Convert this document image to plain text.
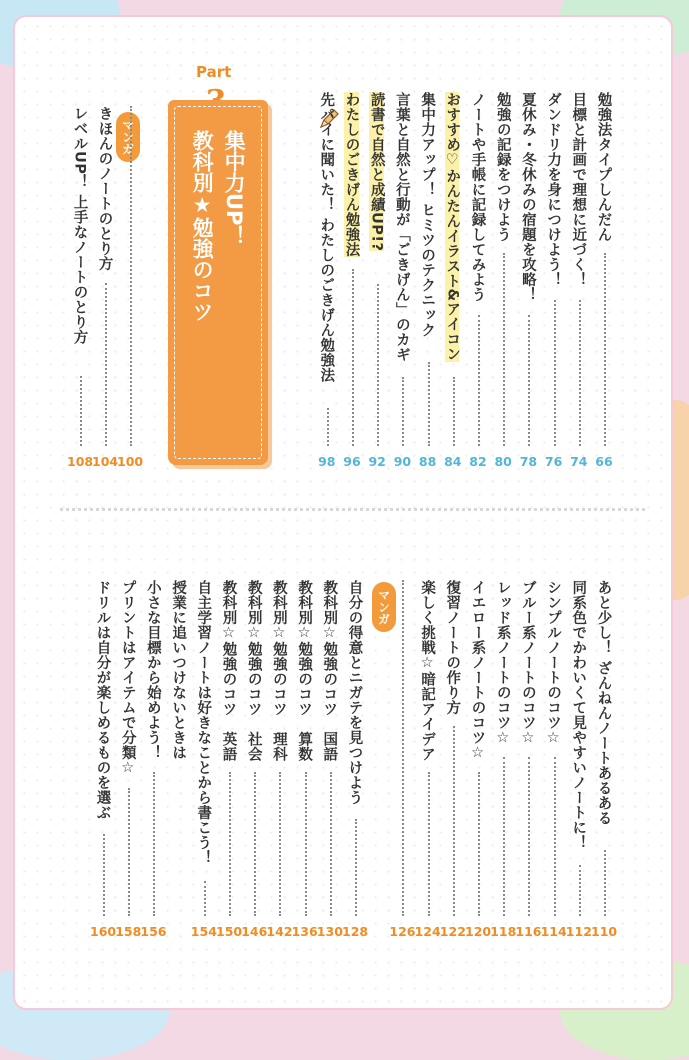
Part
集中力UP！
教科別★勉強のコツ
マンガ
マンガ
勉強法タイプしんだん
66
目標と計画で理想に近づく！
74
ダンドリ力を身につけよう！
76
夏休み・冬休みの宿題を攻略！
78
勉強の記録をつけよう
80
ノートや手帳に記録してみよう
82
おすすめ♡かんたんイラスト&アイコン
84
集中力アップ！ ヒミツのテクニック
88
言葉と自然と行動が「ごきげん」のカギ
90
読書で自然と成績UP!?
92
わたしのごきげん勉強法
96
先パイに聞いた！ わたしのごきげん勉強法
98
100
きほんのノートのとり方
104
レベルUP！ 上手なノートのとり方
108
あと少し！ ざんねんノートあるある
110
同系色でかわいくて見やすいノートに！
112
シンプルノートのコツ☆
114
ブルー系ノートのコツ☆
116
レッド系ノートのコツ☆
118
イエロー系ノートのコツ☆
120
復習ノートの作り方
122
楽しく挑戦☆暗記アイデア
124
126
自分の得意とニガテを見つけよう
128
教科別☆勉強のコツ　国語
130
教科別☆勉強のコツ　算数
136
教科別☆勉強のコツ　理科
142
教科別☆勉強のコツ　社会
146
教科別☆勉強のコツ　英語
150
自主学習ノートは好きなことから書こう！
154
授業に追いつけないときは
小さな目標から始めよう！
156
プリントはアイテムで分類☆
158
ドリルは自分が楽しめるものを選ぶ
160
